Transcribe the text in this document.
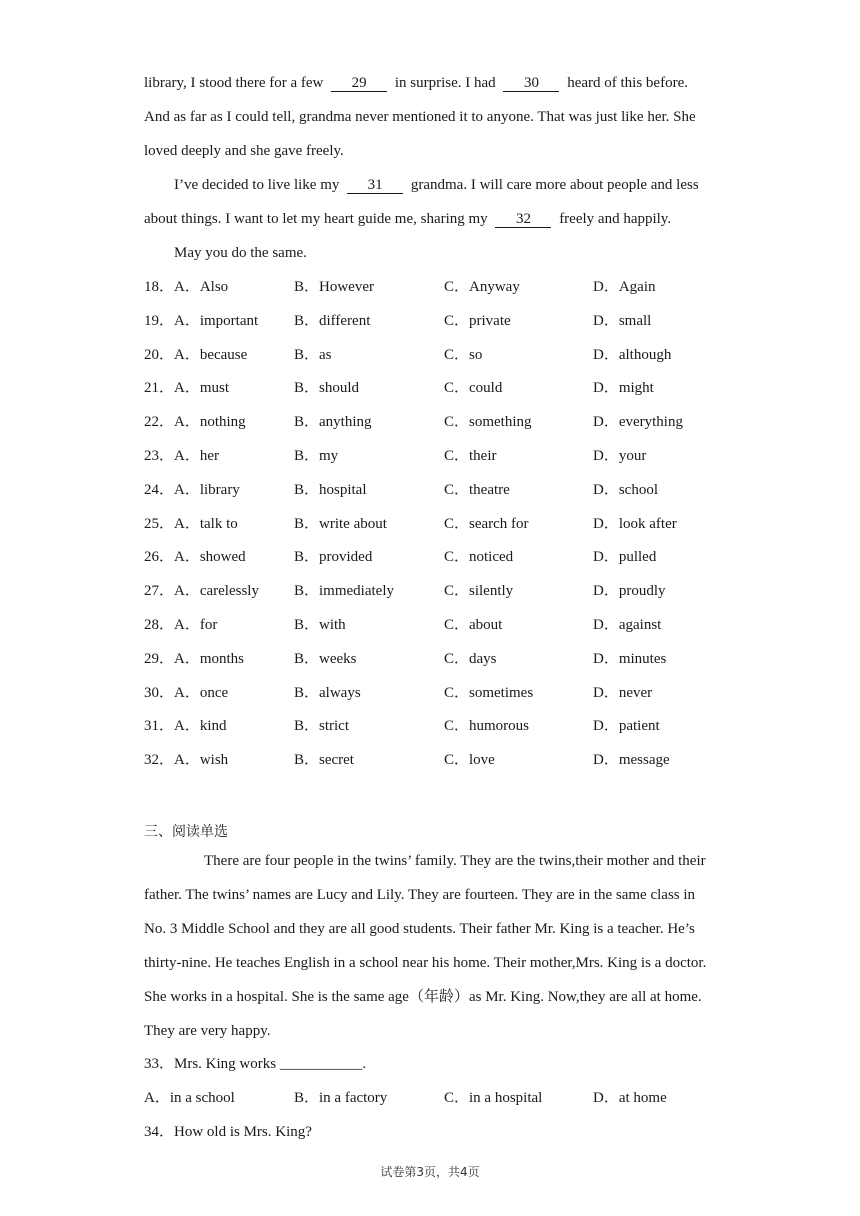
library, I stood there for a few 29 in surprise. I had 30 heard of this before.
And as far as I could tell, grandma never mentioned it to anyone. That was just like her. She
loved deeply and she gave freely.
I’ve decided to live like my 31 grandma. I will care more about people and less
about things. I want to let my heart guide me, sharing my 32 freely and happily.
May you do the same.
18． A．Also	B．However	C．Anyway	D．Again
19． A．important B．different	C．private	D．small
20． A．because	B．as	C．so	D．although
21． A．must	B．should	C．could	D．might
22． A．nothing	B．anything	C．something	D．everything
23． A．her	B．my	C．their	D．your
24． A．library	B．hospital	C．theatre	D．school
25． A．talk to	B．write about	C．search for	D．look after
26． A．showed	B．provided	C．noticed	D．pulled
27． A．carelessly B．immediately	C．silently	D．proudly
28． A．for	B．with	C．about	D．against
29． A．months	B．weeks	C．days	D．minutes
30． A．once	B．always	C．sometimes	D．never
31． A．kind	B．strict	C．humorous	D．patient
32． A．wish	B．secret	C．love	D．message
三、阅读单选
There are four people in the twins’ family. They are the twins,their mother and their
father. The twins’ names are Lucy and Lily. They are fourteen. They are in the same class in
No. 3 Middle School and they are all good students. Their father Mr. King is a teacher. He’s
thirty-nine. He teaches English in a school near his home. Their mother,Mrs. King is a doctor.
She works in a hospital. She is the same age（年龄）as Mr. King. Now,they are all at home.
They are very happy.
33．Mrs. King works ___________.
A．in a school	B．in a factory	C．in a hospital	D．at home
34．How old is Mrs. King?
试卷第3页，共4页
